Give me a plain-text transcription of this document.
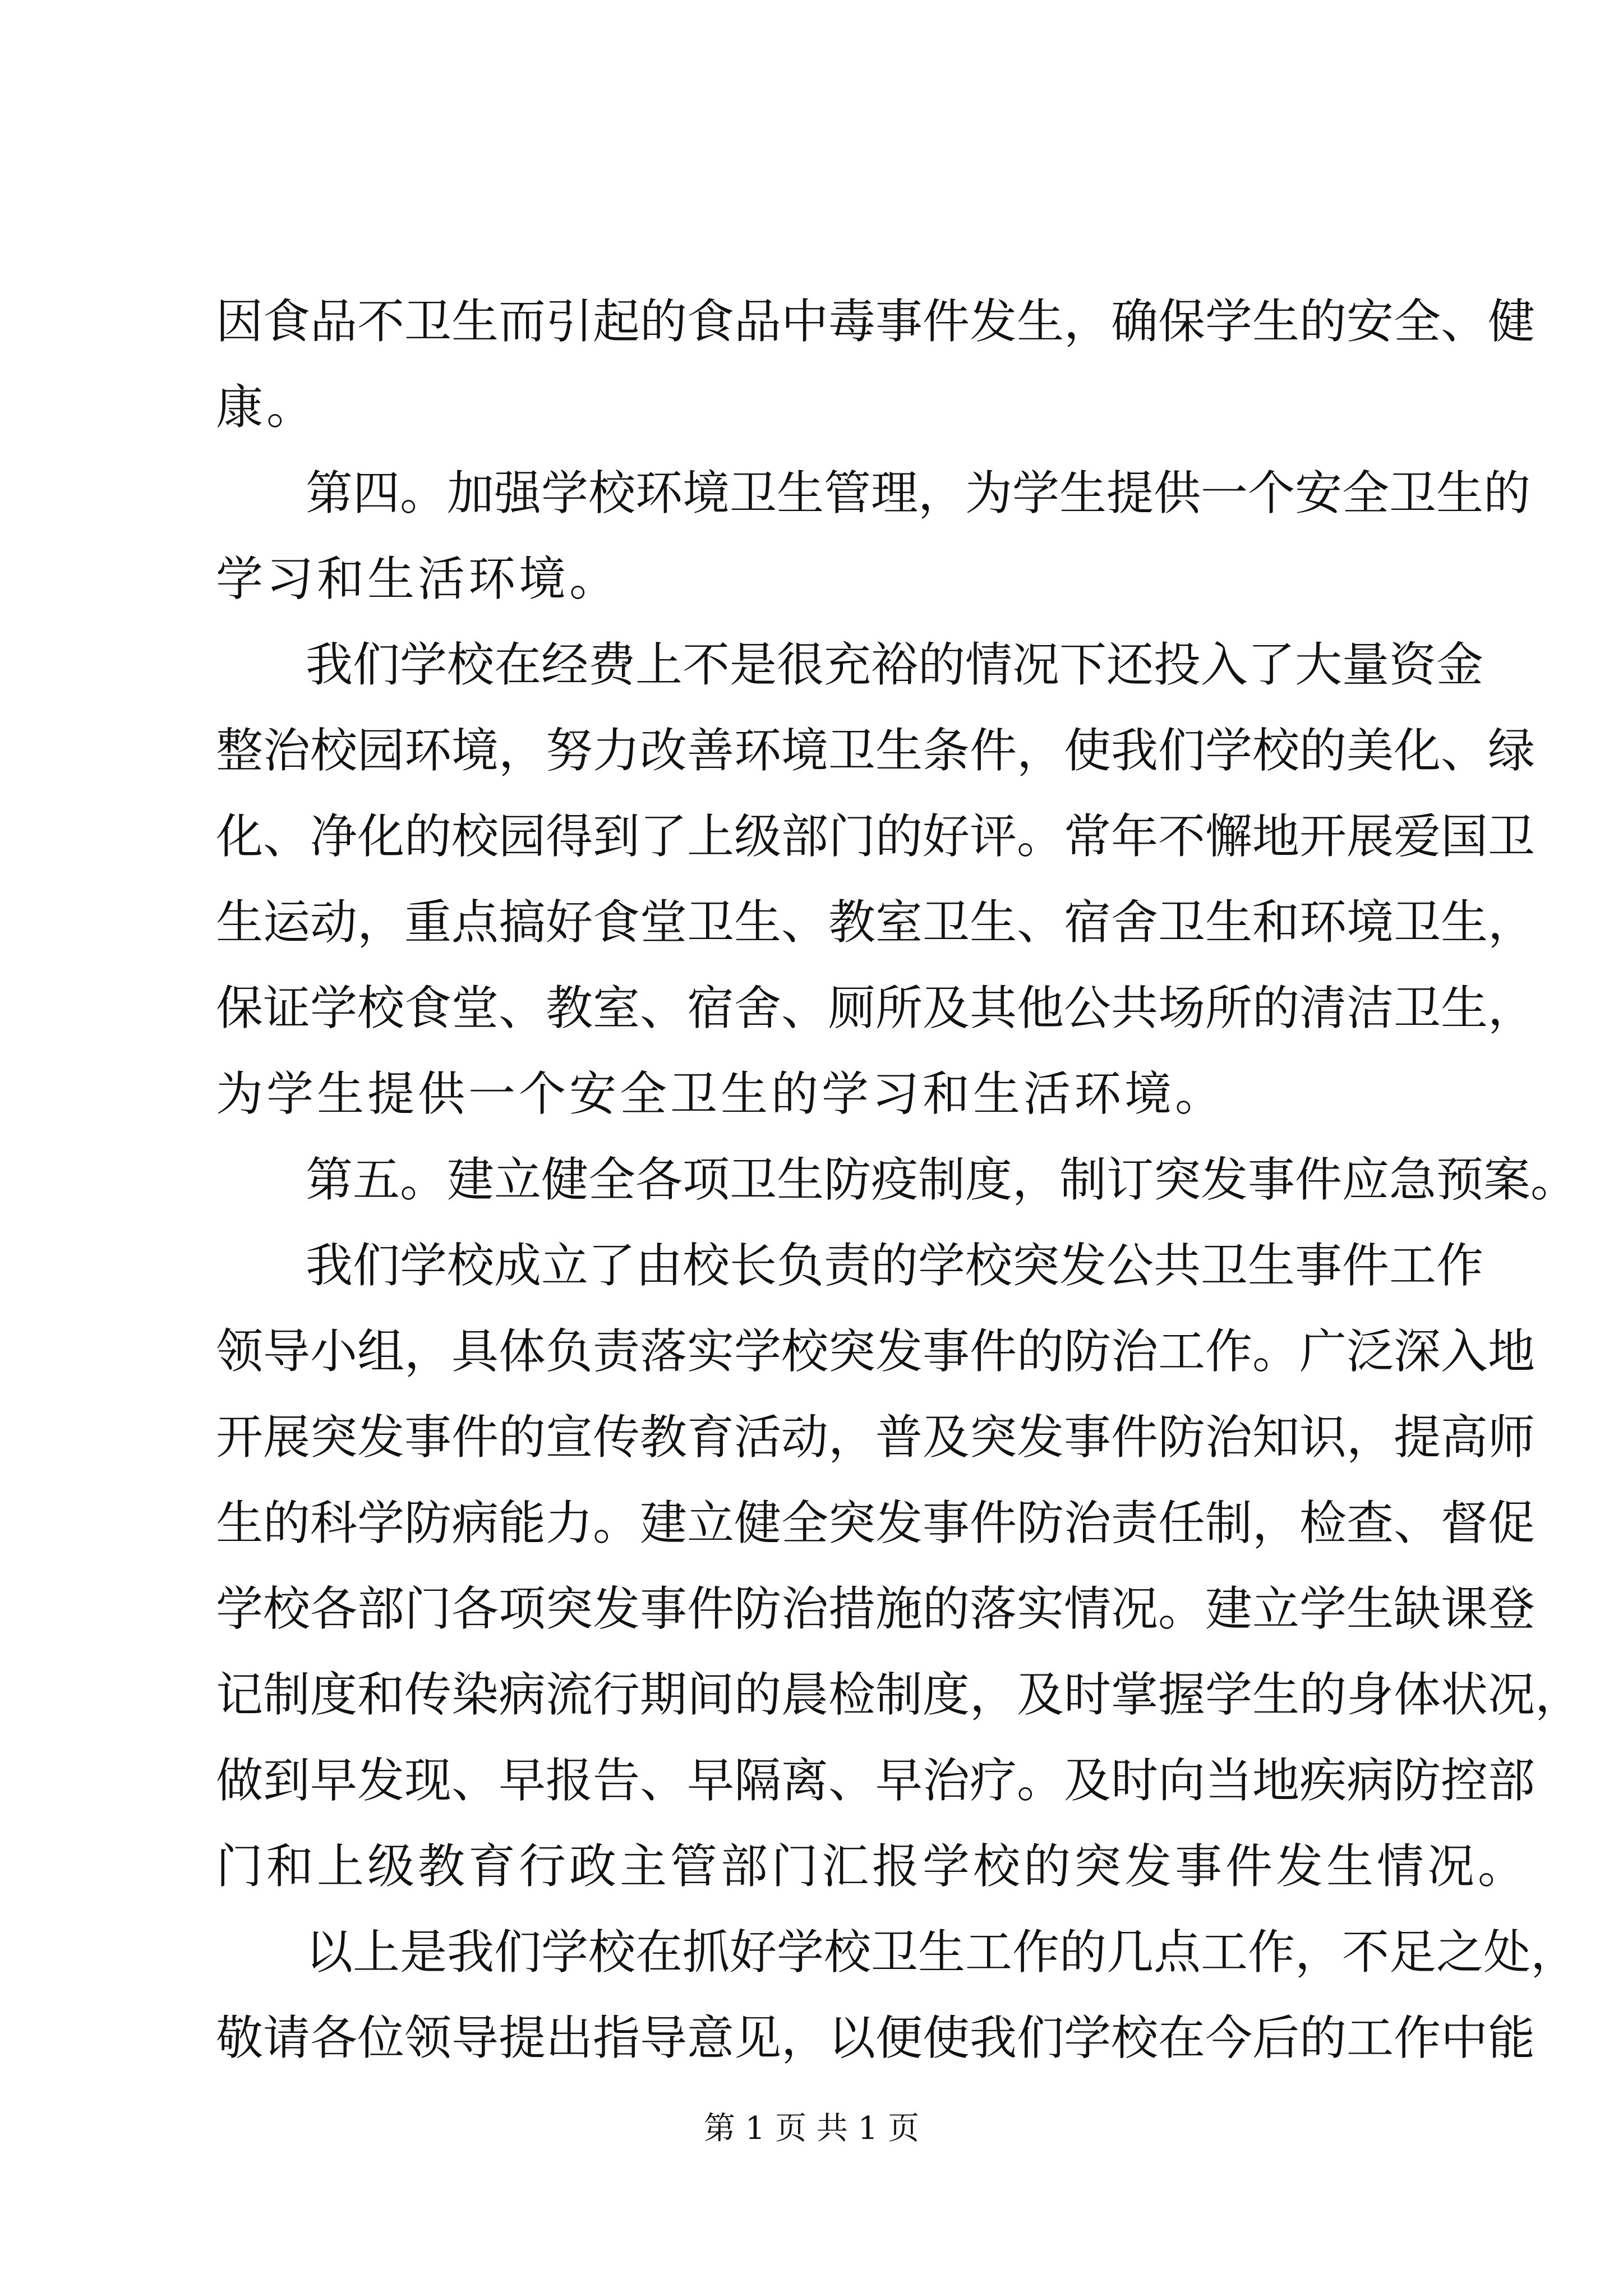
因食品不卫生而引起的食品中毒事件发生，确保学生的安全、健
康。
第四。加强学校环境卫生管理，为学生提供一个安全卫生的
学习和生活环境。
我们学校在经费上不是很充裕的情况下还投入了大量资金
整治校园环境，努力改善环境卫生条件，使我们学校的美化、绿
化、净化的校园得到了上级部门的好评。常年不懈地开展爱国卫
生运动，重点搞好食堂卫生、教室卫生、宿舍卫生和环境卫生，
保证学校食堂、教室、宿舍、厕所及其他公共场所的清洁卫生，
为学生提供一个安全卫生的学习和生活环境。
第五。建立健全各项卫生防疫制度，制订突发事件应急预案。
我们学校成立了由校长负责的学校突发公共卫生事件工作
领导小组，具体负责落实学校突发事件的防治工作。广泛深入地
开展突发事件的宣传教育活动，普及突发事件防治知识，提高师
生的科学防病能力。建立健全突发事件防治责任制，检查、督促
学校各部门各项突发事件防治措施的落实情况。建立学生缺课登
记制度和传染病流行期间的晨检制度，及时掌握学生的身体状况，
做到早发现、早报告、早隔离、早治疗。及时向当地疾病防控部
门和上级教育行政主管部门汇报学校的突发事件发生情况。
以上是我们学校在抓好学校卫生工作的几点工作，不足之处，
敬请各位领导提出指导意见，以便使我们学校在今后的工作中能
第 1 页 共 1 页
